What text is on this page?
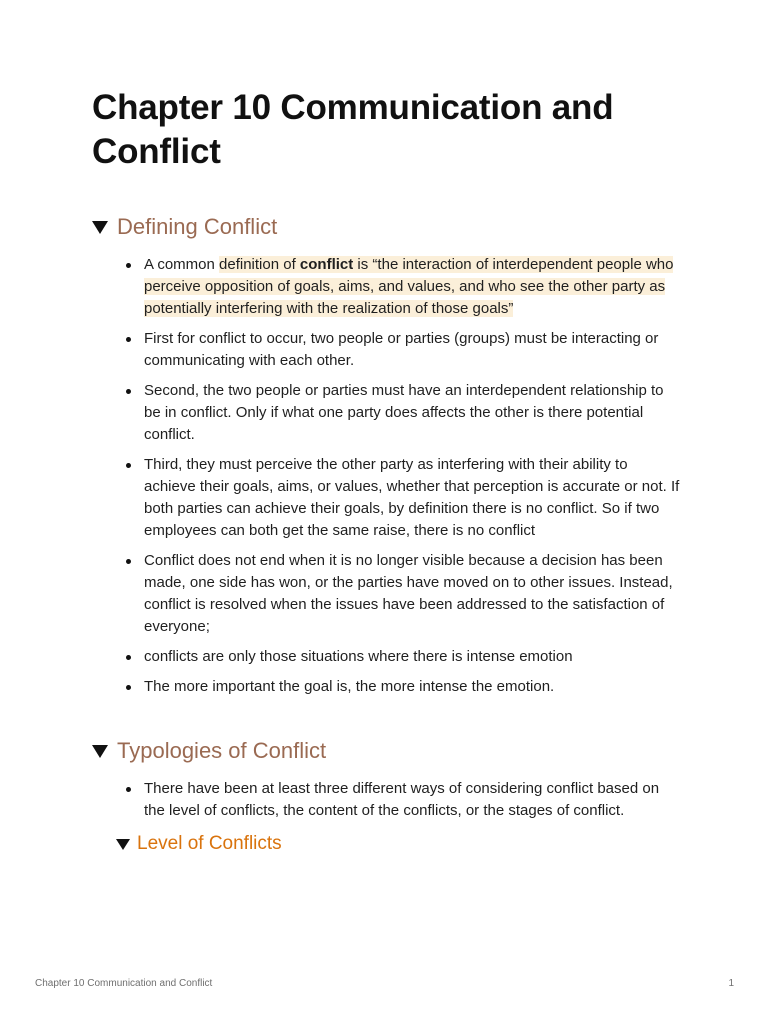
Chapter 10 Communication and Conflict
Defining Conflict
A common definition of conflict is “the interaction of interdependent people who perceive opposition of goals, aims, and values, and who see the other party as potentially interfering with the realization of those goals”
First for conflict to occur, two people or parties (groups) must be interacting or communicating with each other.
Second, the two people or parties must have an interdependent relationship to be in conflict. Only if what one party does affects the other is there potential conflict.
Third, they must perceive the other party as interfering with their ability to achieve their goals, aims, or values, whether that perception is accurate or not. If both parties can achieve their goals, by definition there is no conflict. So if two employees can both get the same raise, there is no conflict
Conflict does not end when it is no longer visible because a decision has been made, one side has won, or the parties have moved on to other issues. Instead, conflict is resolved when the issues have been addressed to the satisfaction of everyone;
conflicts are only those situations where there is intense emotion
The more important the goal is, the more intense the emotion.
Typologies of Conflict
There have been at least three different ways of considering conflict based on the level of conflicts, the content of the conflicts, or the stages of conflict.
Level of Conflicts
Chapter 10 Communication and Conflict	1
